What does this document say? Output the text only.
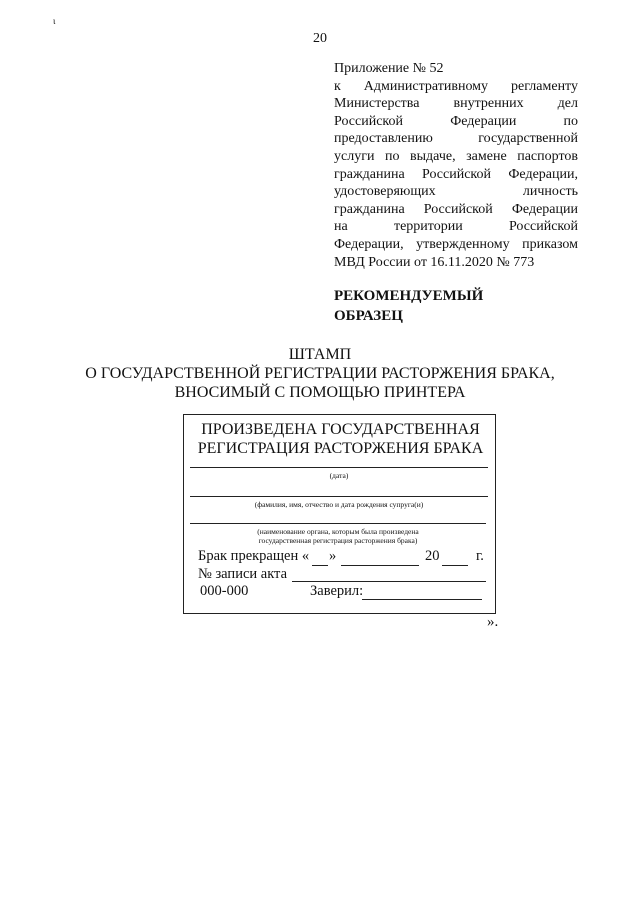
ι
20
Приложение № 52
к Административному регламенту
Министерства внутренних дел
Российской Федерации по
предоставлению государственной
услуги по выдаче, замене паспортов
гражданина Российской Федерации,
удостоверяющих личность
гражданина Российской Федерации
на территории Российской
Федерации, утвержденному приказом
МВД России от 16.11.2020 № 773
РЕКОМЕНДУЕМЫЙ
ОБРАЗЕЦ
ШТАМП
О ГОСУДАРСТВЕННОЙ РЕГИСТРАЦИИ РАСТОРЖЕНИЯ БРАКА,
ВНОСИМЫЙ С ПОМОЩЬЮ ПРИНТЕРА
ПРОИЗВЕДЕНА ГОСУДАРСТВЕННАЯ
РЕГИСТРАЦИЯ РАСТОРЖЕНИЯ БРАКА
(дата)
(фамилия, имя, отчество и дата рождения супруга(и)
(наименование органа, которым была произведена
государственная регистрация расторжения брака)
Брак прекращен « »	20	г.
№ записи акта
000-000	Заверил:
».
